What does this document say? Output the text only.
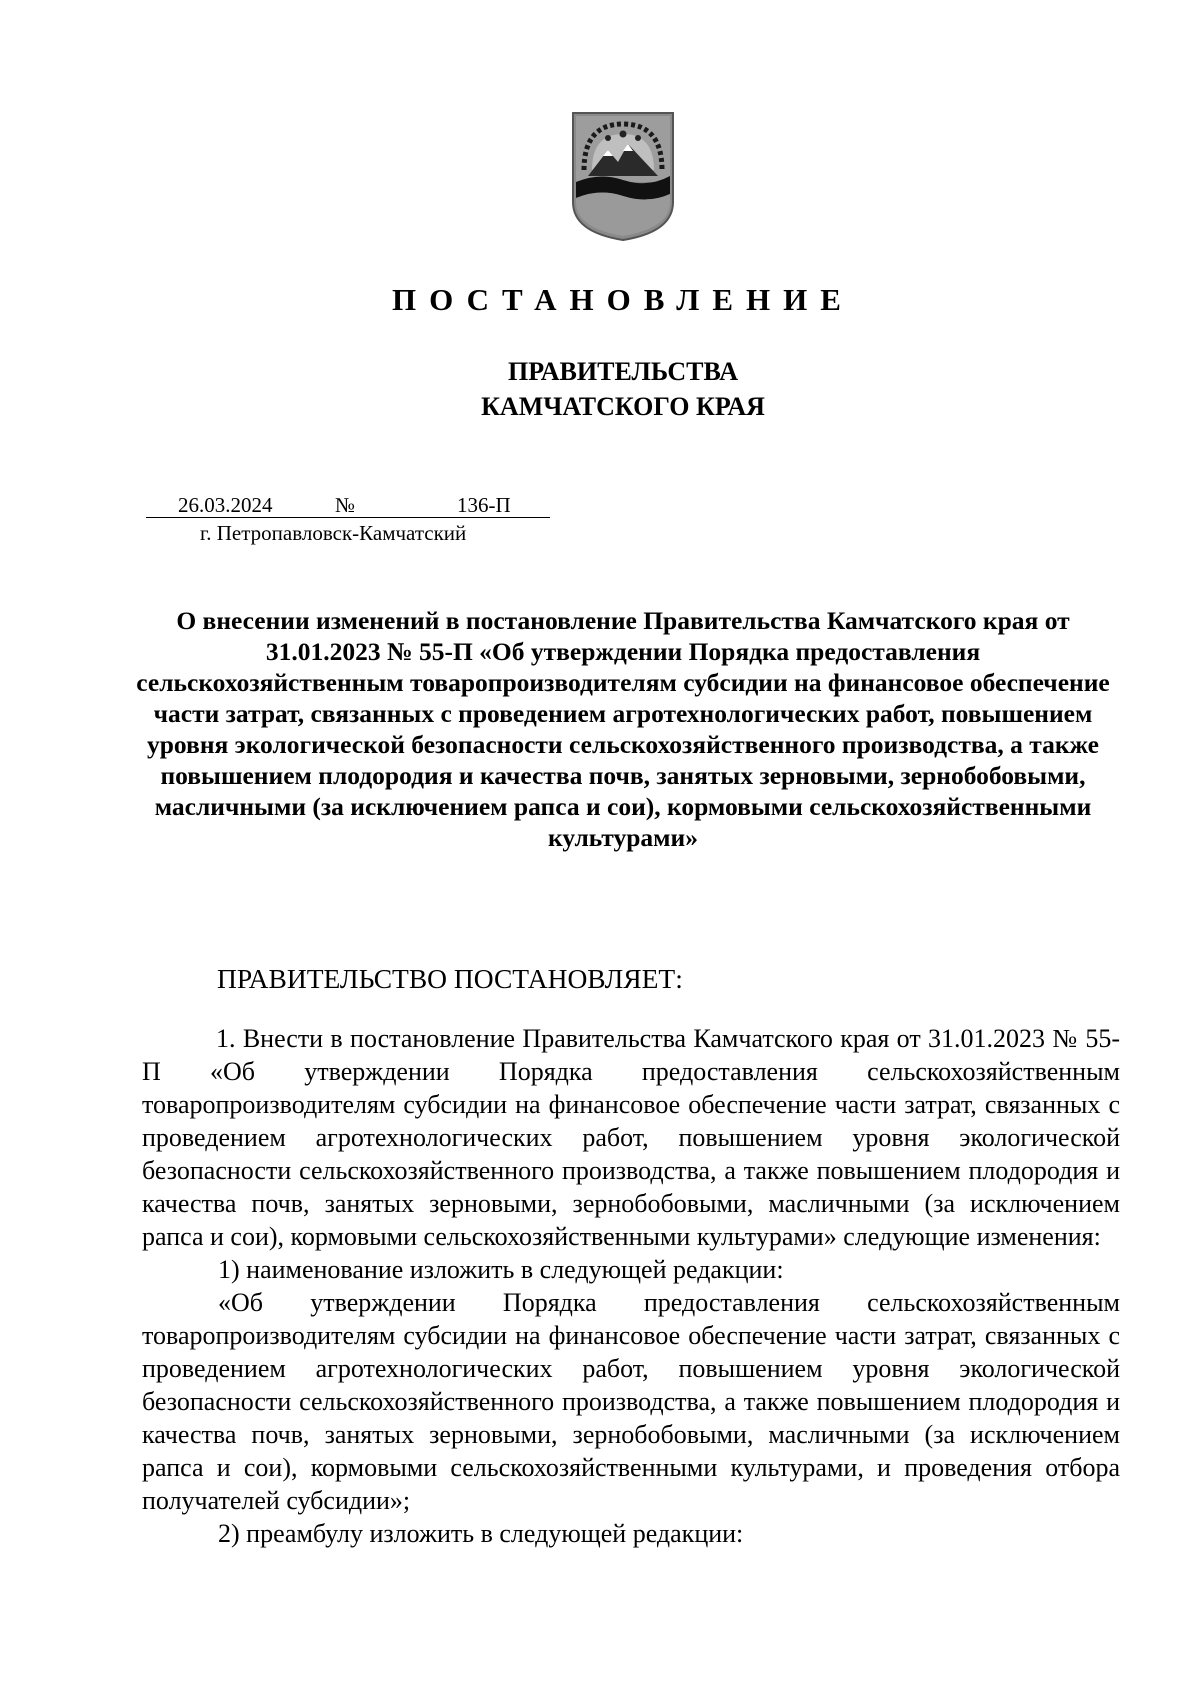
ПОСТАНОВЛЕНИЕ
ПРАВИТЕЛЬСТВА
КАМЧАТСКОГО КРАЯ
26.03.2024	№	136-П
г. Петропавловск-Камчатский
О внесении изменений в постановление Правительства Камчатского края от 31.01.2023 № 55-П «Об утверждении Порядка предоставления сельскохозяйственным товаропроизводителям субсидии на финансовое обеспечение части затрат, связанных с проведением агротехнологических работ, повышением уровня экологической безопасности сельскохозяйственного производства, а также повышением плодородия и качества почв, занятых зерновыми, зернобобовыми, масличными (за исключением рапса и сои), кормовыми сельскохозяйственными культурами»
ПРАВИТЕЛЬСТВО ПОСТАНОВЛЯЕТ:

1. Внести в постановление Правительства Камчатского края от 31.01.2023 № 55-П «Об утверждении Порядка предоставления сельскохозяйственным товаропроизводителям субсидии на финансовое обеспечение части затрат, связанных с проведением агротехнологических работ, повышением уровня экологической безопасности сельскохозяйственного производства, а также повышением плодородия и качества почв, занятых зерновыми, зернобобовыми, масличными (за исключением рапса и сои), кормовыми сельскохозяйственными культурами» следующие изменения:

1) наименование изложить в следующей редакции:

«Об утверждении Порядка предоставления сельскохозяйственным товаропроизводителям субсидии на финансовое обеспечение части затрат, связанных с проведением агротехнологических работ, повышением уровня экологической безопасности сельскохозяйственного производства, а также повышением плодородия и качества почв, занятых зерновыми, зернобобовыми, масличными (за исключением рапса и сои), кормовыми сельскохозяйственными культурами, и проведения отбора получателей субсидии»;

2) преамбулу изложить в следующей редакции:
